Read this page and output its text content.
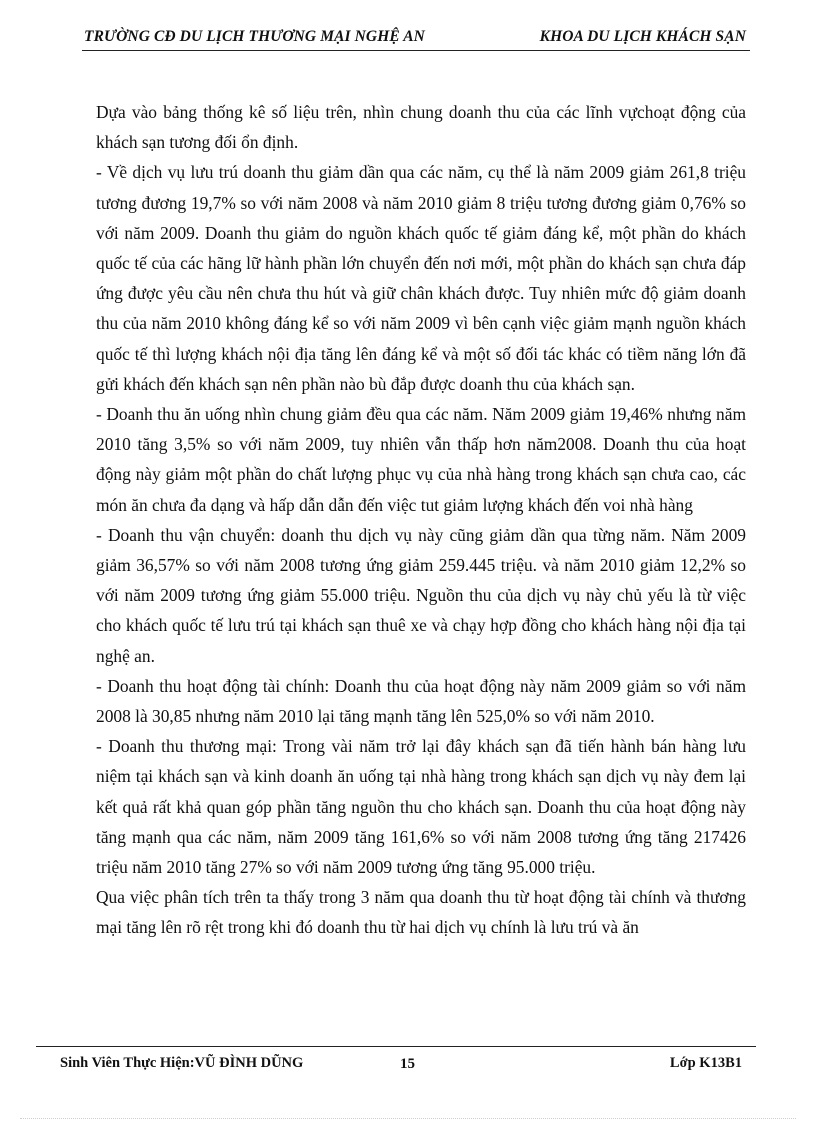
TRƯỜNG CĐ DU LỊCH THƯƠNG MẠI NGHỆ AN	KHOA DU LỊCH KHÁCH SẠN

Dựa vào bảng thống kê số liệu trên, nhìn chung doanh thu của các lĩnh vựchoạt động của khách sạn tương đối ổn định.

- Về dịch vụ lưu trú doanh thu giảm dần qua các năm, cụ thể là năm 2009 giảm 261,8 triệu tương đương 19,7% so với năm 2008 và năm 2010 giảm 8 triệu tương đương giảm 0,76% so với năm 2009. Doanh thu giảm do nguồn khách quốc tế giảm đáng kể, một phần do khách quốc tế của các hãng lữ hành phần lớn chuyển đến nơi mới, một phần do khách sạn chưa đáp ứng được yêu cầu nên chưa thu hút và giữ chân khách được. Tuy nhiên mức độ giảm doanh thu của năm 2010 không đáng kể so với năm 2009 vì bên cạnh việc giảm mạnh nguồn khách quốc tế thì lượng khách nội địa tăng lên đáng kể và một số đối tác khác có tiềm năng lớn đã gửi khách đến khách sạn nên phần nào bù đắp được doanh thu của khách sạn.

- Doanh thu ăn uống nhìn chung giảm đều qua các năm. Năm 2009 giảm 19,46% nhưng năm 2010 tăng 3,5% so với năm 2009, tuy nhiên vẫn thấp hơn năm2008. Doanh thu của hoạt động này giảm một phần do chất lượng phục vụ của nhà hàng trong khách sạn chưa cao, các món ăn chưa đa dạng và hấp dẫn dẫn đến việc tut giảm lượng khách đến voi nhà hàng

- Doanh thu vận chuyển: doanh thu dịch vụ này cũng giảm dần qua từng năm. Năm 2009 giảm 36,57% so với năm 2008 tương ứng giảm 259.445 triệu. và năm 2010 giảm 12,2% so với năm 2009 tương ứng giảm 55.000 triệu. Nguồn thu của dịch vụ này chủ yếu là từ việc cho khách quốc tế lưu trú tại khách sạn thuê xe và chạy hợp đồng cho khách hàng nội địa tại nghệ an.

- Doanh thu hoạt động tài chính: Doanh thu của hoạt động này năm 2009 giảm so với năm 2008 là 30,85 nhưng năm 2010 lại tăng mạnh tăng lên 525,0% so với năm 2010.

- Doanh thu thương mại: Trong vài năm trở lại đây khách sạn đã tiến hành bán hàng lưu niệm tại khách sạn và kinh doanh ăn uống tại nhà hàng trong khách sạn dịch vụ này đem lại kết quả rất khả quan góp phần tăng nguồn thu cho khách sạn. Doanh thu của hoạt động này tăng mạnh qua các năm, năm 2009 tăng 161,6% so với năm 2008 tương ứng tăng 217426 triệu năm 2010 tăng 27% so với năm 2009 tương ứng tăng 95.000 triệu.

Qua việc phân tích trên ta thấy trong 3 năm qua doanh thu từ hoạt động tài chính và thương mại tăng lên rõ rệt trong khi đó doanh thu từ hai dịch vụ chính là lưu trú và ăn

Sinh Viên Thực Hiện:VŨ ĐÌNH DŨNG	15	Lớp K13B1
